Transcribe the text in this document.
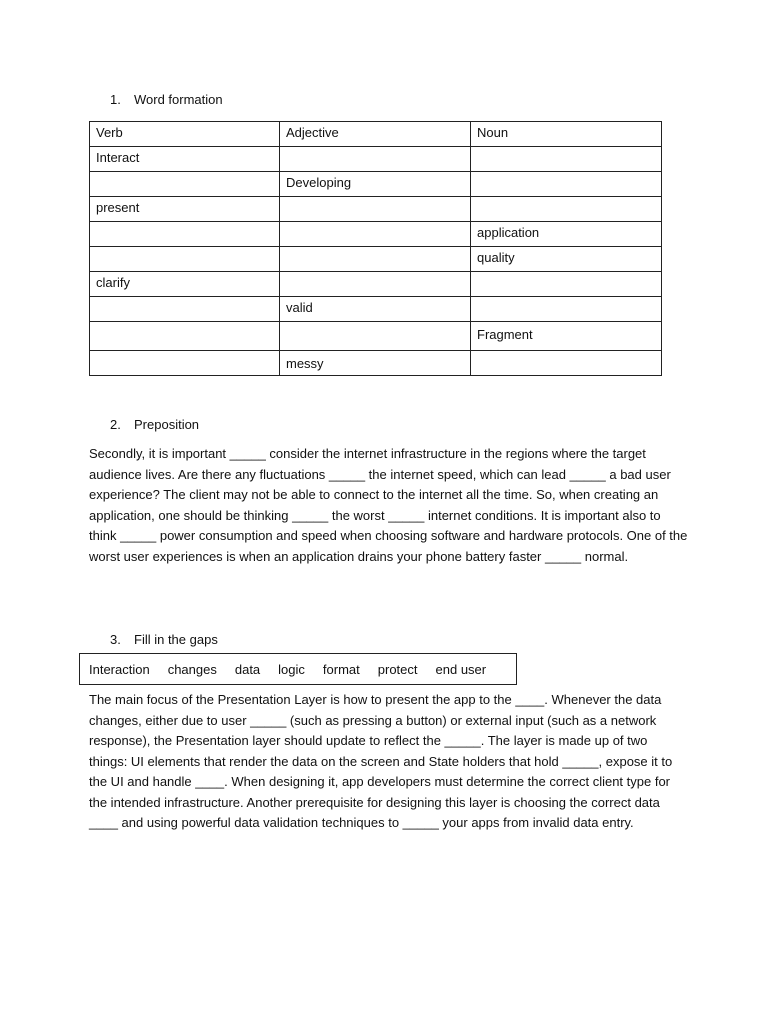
1. Word formation
Verb	Adjective	Noun
Interact		
	Developing	
present		
		application
		quality
clarify		
	valid	
		Fragment
	messy	
2. Preposition

Secondly, it is important _____ consider the internet infrastructure in the regions where the target audience lives. Are there any fluctuations _____ the internet speed, which can lead _____ a bad user experience? The client may not be able to connect to the internet all the time. So, when creating an application, one should be thinking _____ the worst _____ internet conditions. It is important also to think _____ power consumption and speed when choosing software and hardware protocols. One of the worst user experiences is when an application drains your phone battery faster _____ normal.

3. Fill in the gaps
Interaction changes data logic format protect end user

The main focus of the Presentation Layer is how to present the app to the ____. Whenever the data changes, either due to user _____ (such as pressing a button) or external input (such as a network response), the Presentation layer should update to reflect the _____. The layer is made up of two things: UI elements that render the data on the screen and State holders that hold _____, expose it to the UI and handle ____. When designing it, app developers must determine the correct client type for the intended infrastructure. Another prerequisite for designing this layer is choosing the correct data ____ and using powerful data validation techniques to _____ your apps from invalid data entry.
